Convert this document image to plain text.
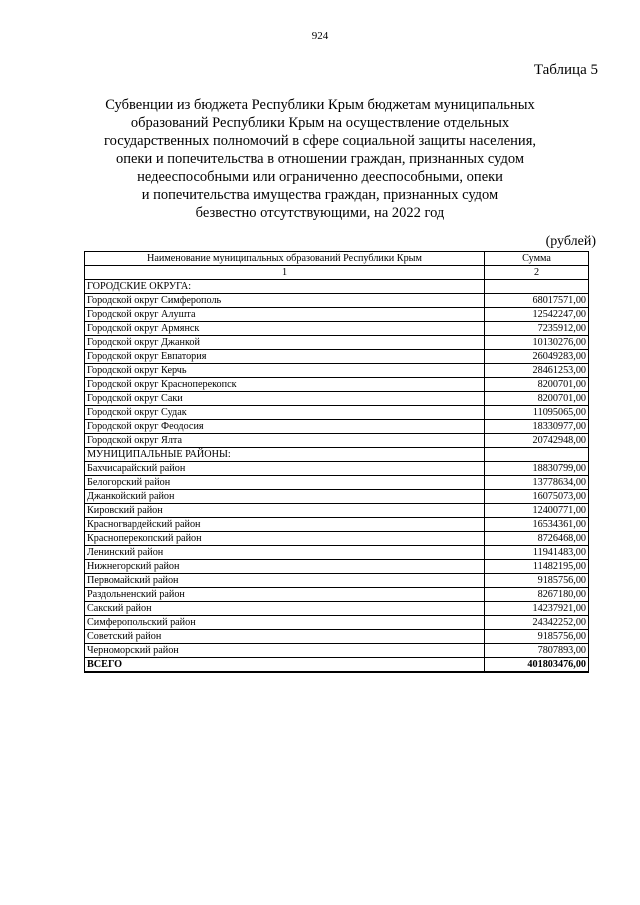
924
Таблица 5
Субвенции из бюджета Республики Крым бюджетам муниципальных
образований Республики Крым на осуществление отдельных
государственных полномочий в сфере социальной защиты населения,
опеки и попечительства в отношении граждан, признанных судом
недееспособными или ограниченно дееспособными, опеки
и попечительства имущества граждан, признанных судом
безвестно отсутствующими, на 2022 год
(рублей)
Наименование муниципальных образований Республики Крым	Сумма
1	2
ГОРОДСКИЕ ОКРУГА:	
Городской округ Симферополь	68017571,00
Городской округ Алушта	12542247,00
Городской округ Армянск	7235912,00
Городской округ Джанкой	10130276,00
Городской округ Евпатория	26049283,00
Городской округ Керчь	28461253,00
Городской округ Красноперекопск	8200701,00
Городской округ Саки	8200701,00
Городской округ Судак	11095065,00
Городской округ Феодосия	18330977,00
Городской округ Ялта	20742948,00
МУНИЦИПАЛЬНЫЕ РАЙОНЫ:	
Бахчисарайский район	18830799,00
Белогорский район	13778634,00
Джанкойский район	16075073,00
Кировский район	12400771,00
Красногвардейский район	16534361,00
Красноперекопский район	8726468,00
Ленинский район	11941483,00
Нижнегорский район	11482195,00
Первомайский район	9185756,00
Раздольненский район	8267180,00
Сакский район	14237921,00
Симферопольский район	24342252,00
Советский район	9185756,00
Черноморский район	7807893,00
ВСЕГО	401803476,00
